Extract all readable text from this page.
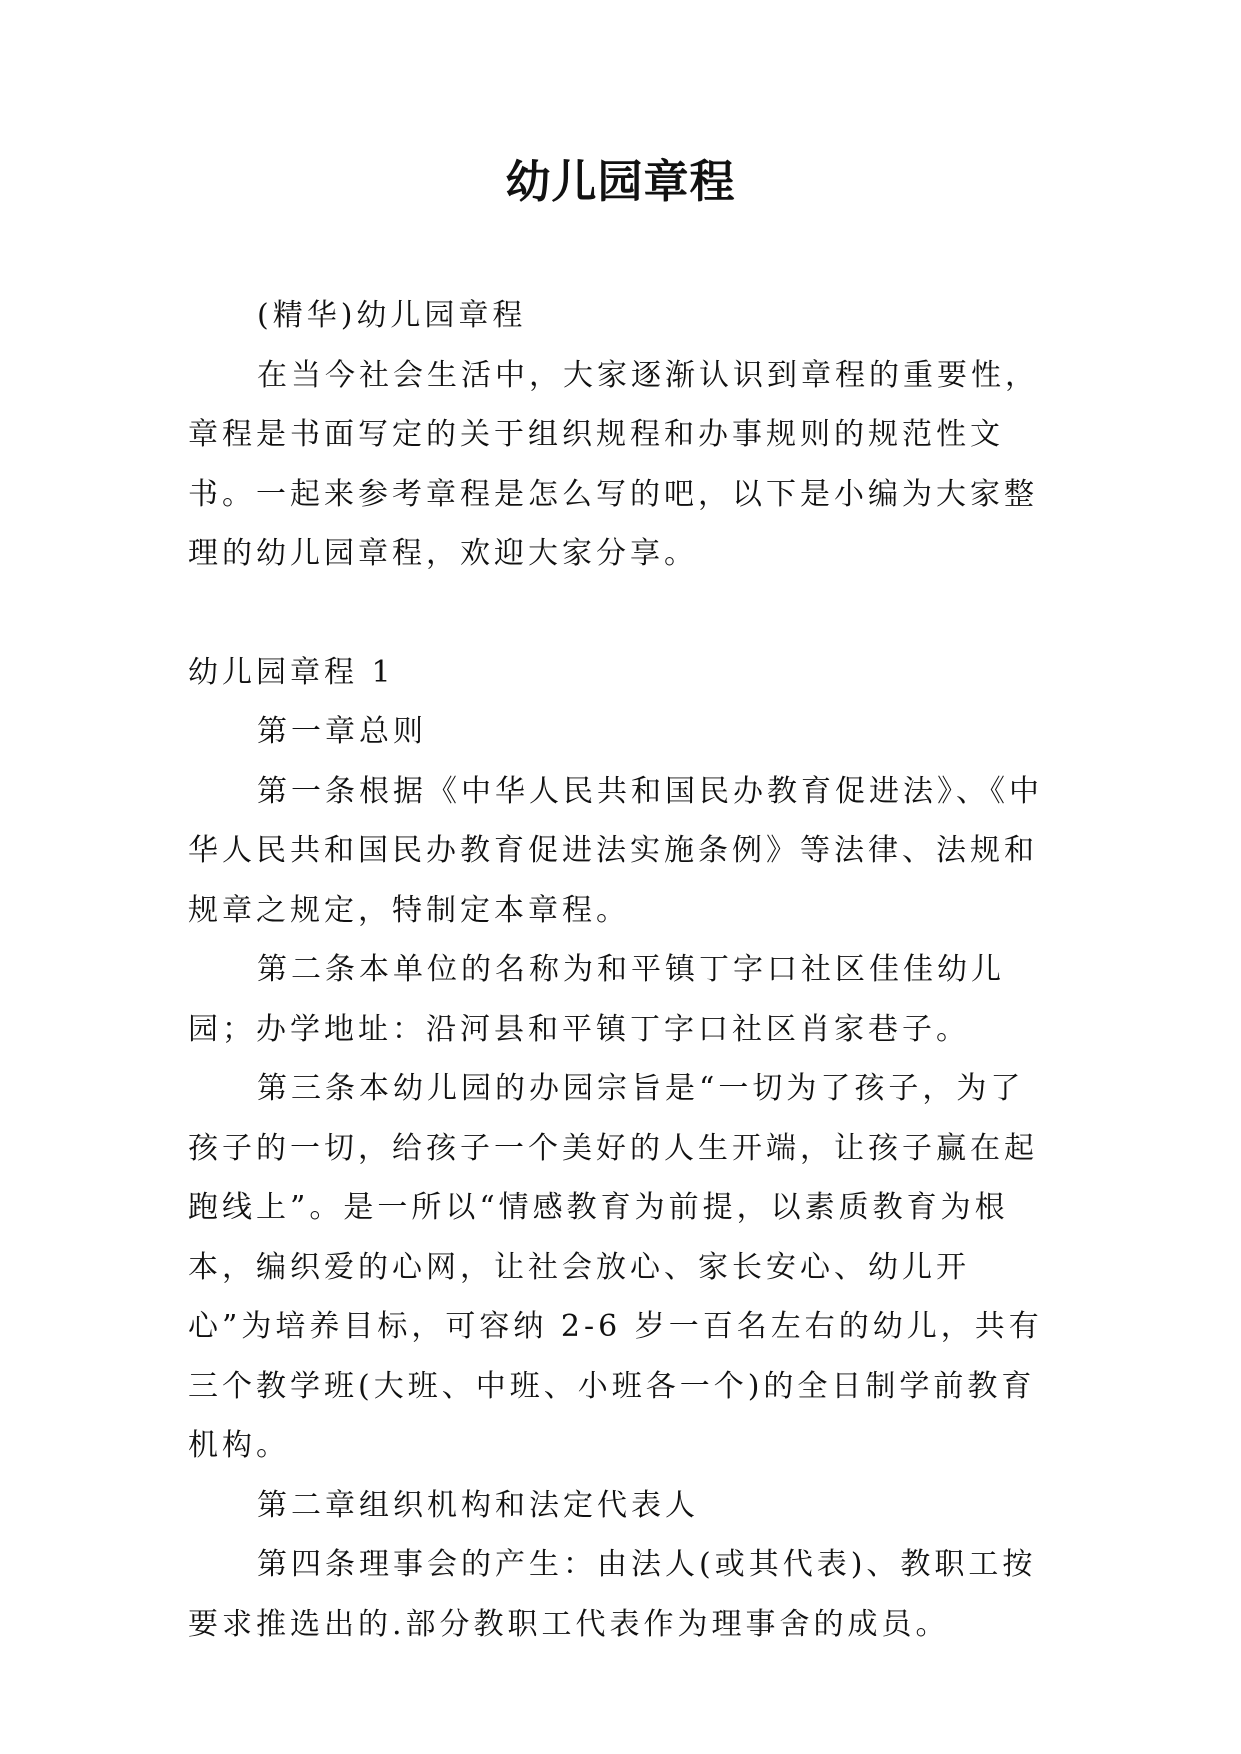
幼儿园章程

(精华)幼儿园章程

在当今社会生活中，大家逐渐认识到章程的重要性，章程是书面写定的关于组织规程和办事规则的规范性文书。一起来参考章程是怎么写的吧，以下是小编为大家整理的幼儿园章程，欢迎大家分享。

幼儿园章程 1

第一章总则

第一条根据《中华人民共和国民办教育促进法》、《中华人民共和国民办教育促进法实施条例》等法律、法规和规章之规定，特制定本章程。

第二条本单位的名称为和平镇丁字口社区佳佳幼儿园；办学地址：沿河县和平镇丁字口社区肖家巷子。

第三条本幼儿园的办园宗旨是“一切为了孩子，为了孩子的一切，给孩子一个美好的人生开端，让孩子赢在起跑线上”。是一所以“情感教育为前提，以素质教育为根本，编织爱的心网，让社会放心、家长安心、幼儿开心”为培养目标，可容纳 2-6 岁一百名左右的幼儿，共有三个教学班(大班、中班、小班各一个)的全日制学前教育机构。

第二章组织机构和法定代表人

第四条理事会的产生：由法人(或其代表)、教职工按要求推选出的.部分教职工代表作为理事舍的成员。
